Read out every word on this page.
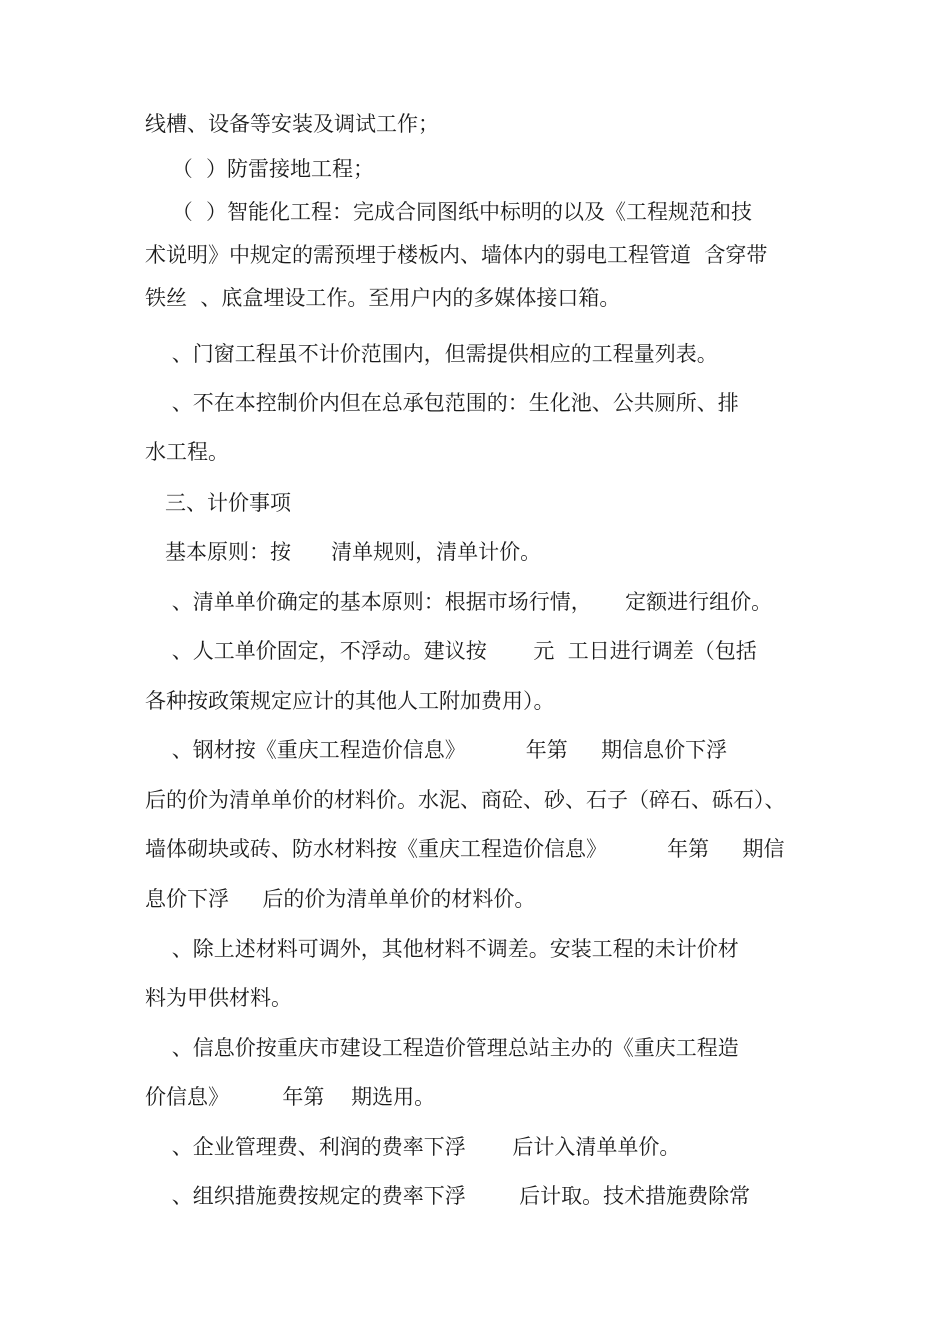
线槽、设备等安装及调试工作；

（  ）防雷接地工程；

（  ）智能化工程：完成合同图纸中标明的以及《工程规范和技

术说明》中规定的需预埋于楼板内、墙体内的弱电工程管道  含穿带

铁丝  、底盒埋设工作。至用户内的多媒体接口箱。

、门窗工程虽不计价范围内，但需提供相应的工程量列表。

、不在本控制价内但在总承包范围的：生化池、公共厕所、排

水工程。

三、计价事项

基本原则：按      清单规则，清单计价。

、清单单价确定的基本原则：根据市场行情，     定额进行组价。

、人工单价固定，不浮动。建议按       元  工日进行调差（包括

各种按政策规定应计的其他人工附加费用）。

、钢材按《重庆工程造价信息》         年第     期信息价下浮

后的价为清单单价的材料价。水泥、商砼、砂、石子（碎石、砾石）、

墙体砌块或砖、防水材料按《重庆工程造价信息》         年第     期信

息价下浮     后的价为清单单价的材料价。

、除上述材料可调外，其他材料不调差。安装工程的未计价材

料为甲供材料。

、信息价按重庆市建设工程造价管理总站主办的《重庆工程造

价信息》        年第    期选用。

、企业管理费、利润的费率下浮       后计入清单单价。

、组织措施费按规定的费率下浮        后计取。技术措施费除常
